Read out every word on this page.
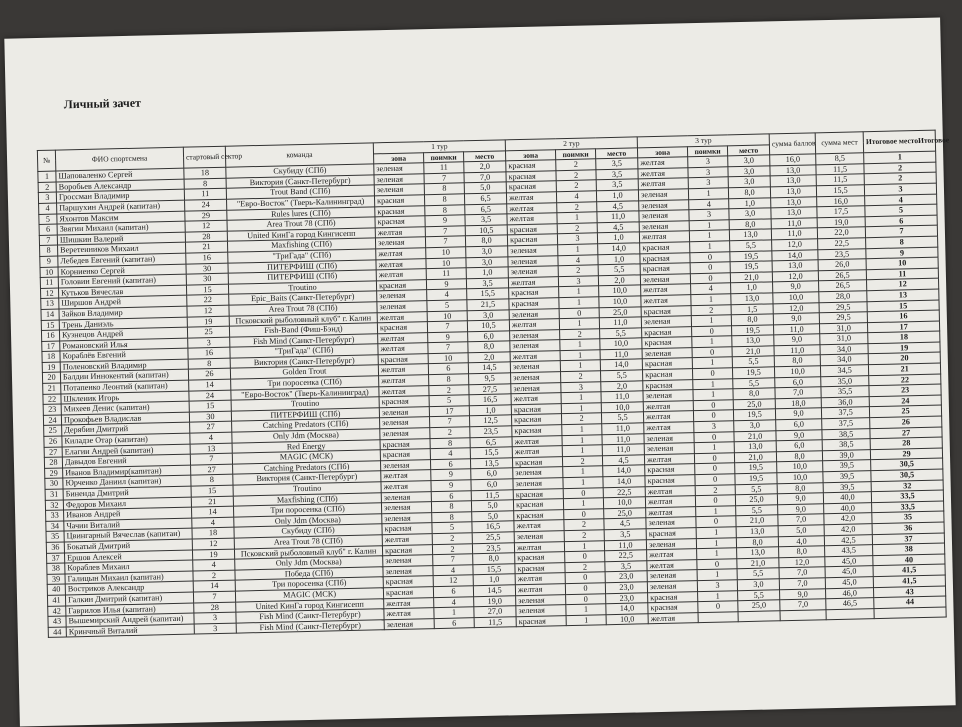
Личный зачет
№	ФИО спортсмена	стартовый сектор	команда	1 тур			2 тур			3 тур			сумма баллов	сумма мест	Итоговое местоИтоговое
				зона	поимки	место	зона	поимки	место	зона	поимки	место			
1	Шаповаленко Сергей	18	Скубиду (СПб)	зеленая	11	2,0	красная	2	3,5	желтая	3	3,0	16,0	8,5	1
2	Воробьев Александр	8	Виктория (Санкт-Петербург)	зеленая	7	7,0	красная	2	3,5	желтая	3	3,0	13,0	11,5	2
3	Гроссман Владимир	11	Trout Band (СПб)	зеленая	8	5,0	красная	2	3,5	желтая	3	3,0	13,0	11,5	2
4	Паршухин Андрей (капитан)	24	"Евро-Восток" (Тверь-Калининград)	красная	8	6,5	желтая	4	1,0	зеленая	1	8,0	13,0	15,5	3
5	Яхонтов Максим	29	Rules lures (СПб)	красная	8	6,5	желтая	2	4,5	зеленая	4	1,0	13,0	16,0	4
6	Звягин Михаил (капитан)	12	Area Trout 78 (СПб)	красная	9	3,5	желтая	1	11,0	зеленая	3	3,0	13,0	17,5	5
7	Шишкин Валерий	28	United КинГа город Кингисепп	желтая	7	10,5	красная	2	4,5	зеленая	1	8,0	11,0	19,0	6
8	Веретенников Михаил	21	Maxfishing (СПб)	зеленая	7	8,0	красная	3	1,0	желтая	1	13,0	11,0	22,0	7
9	Лебедев Евгений (капитан)	16	"ТриГада" (СПб)	желтая	10	3,0	зеленая	1	14,0	красная	1	5,5	12,0	22,5	8
10	Корниенко Сергей	30	ПИТЕРФИШ (СПб)	желтая	10	3,0	зеленая	4	1,0	красная	0	19,5	14,0	23,5	9
11	Головин Евгений (капитан)	30	ПИТЕРФИШ (СПб)	желтая	11	1,0	зеленая	2	5,5	красная	0	19,5	13,0	26,0	10
12	Кутьков Вячеслав	15	Troutino	красная	9	3,5	желтая	3	2,0	зеленая	0	21,0	12,0	26,5	11
13	Ширшов Андрей	22	Epic_Baits (Санкт-Петербург)	зеленая	4	15,5	красная	1	10,0	желтая	4	1,0	9,0	26,5	12
14	Зайков Владимир	12	Area Trout 78 (СПб)	зеленая	5	21,5	красная	1	10,0	желтая	1	13,0	10,0	28,0	13
15	Трень Даниэль	19	Псковский рыболовный клуб" г. Калин	желтая	10	3,0	зеленая	0	25,0	красная	2	1,5	12,0	29,5	15
16	Кузнецов Андрей	25	Fish-Band (Фиш-Бэнд)	красная	7	10,5	желтая	1	11,0	зеленая	1	8,0	9,0	29,5	16
17	Романовский Илья	3	Fish Mind (Санкт-Петербург)	желтая	9	6,0	зеленая	2	5,5	красная	0	19,5	11,0	31,0	17
18	Кораблёв Евгений	16	"ТриГада" (СПб)	желтая	7	8,0	зеленая	1	10,0	красная	1	13,0	9,0	31,0	18
19	Поленовский Владимир	8	Виктория (Санкт-Петербург)	красная	10	2,0	желтая	1	11,0	зеленая	0	21,0	11,0	34,0	19
20	Балдин Иннокентий (капитан)	26	Golden Trout	желтая	6	14,5	зеленая	1	14,0	красная	1	5,5	8,0	34,0	20
21	Потапенко Леонтий (капитан)	14	Три поросенка (СПб)	желтая	8	9,5	зеленая	2	5,5	красная	0	19,5	10,0	34,5	21
22	Шкленик Игорь	24	"Евро-Восток" (Тверь-Калининград)	желтая	2	27,5	зеленая	3	2,0	красная	1	5,5	6,0	35,0	22
23	Михеев Денис (капитан)	15	Troutino	красная	5	16,5	желтая	1	11,0	зеленая	1	8,0	7,0	35,5	23
24	Прокофьев Владислав	30	ПИТЕРФИШ (СПб)	зеленая	17	1,0	красная	1	10,0	желтая	0	25,0	18,0	36,0	24
25	Дерябин Дмитрий	27	Catching Predators (СПб)	зеленая	7	12,5	красная	2	5,5	желтая	0	19,5	9,0	37,5	25
26	Киладзе Отар (капитан)	4	Only Jdm (Москва)	зеленая	2	23,5	красная	1	11,0	желтая	3	3,0	6,0	37,5	26
27	Елагин Андрей (капитан)	13	Red Energy	красная	8	6,5	желтая	1	11,0	зеленая	0	21,0	9,0	38,5	27
28	Давыдов Евгений	7	MAGIC (МСК)	красная	4	15,5	желтая	1	11,0	зеленая	1	13,0	6,0	38,5	28
29	Иванов Владимир(капитан)	27	Catching Predators (СПб)	зеленая	6	13,5	красная	2	4,5	желтая	0	21,0	8,0	39,0	29
30	Юрченко Даниил (капитан)	8	Виктория (Санкт-Петербург)	желтая	9	6,0	зеленая	1	14,0	красная	0	19,5	10,0	39,5	30,5
31	Биненда Дмитрий	15	Troutino	желтая	9	6,0	зеленая	1	14,0	красная	0	19,5	10,0	39,5	30,5
32	Федоров Михаил	21	Maxfishing (СПб)	зеленая	6	11,5	красная	0	22,5	желтая	2	5,5	8,0	39,5	32
33	Иванов Андрей	14	Три поросенка (СПб)	зеленая	8	5,0	красная	1	10,0	желтая	0	25,0	9,0	40,0	33,5
34	Чачин Виталий	4	Only Jdm (Москва)	зеленая	8	5,0	красная	0	25,0	желтая	1	5,5	9,0	40,0	33,5
35	Цвингарный Вячеслав (капитан)	18	Скубиду (СПб)	красная	5	16,5	желтая	2	4,5	зеленая	0	21,0	7,0	42,0	35
36	Бокатый Дмитрий	12	Area Trout 78 (СПб)	желтая	2	25,5	зеленая	2	3,5	красная	1	13,0	5,0	42,0	36
37	Ершов Алексей	19	Псковский рыболовный клуб" г. Калин	красная	2	23,5	желтая	1	11,0	зеленая	1	8,0	4,0	42,5	37
38	Кораблев Михаил	4	Only Jdm (Москва)	зеленая	7	8,0	красная	0	22,5	желтая	1	13,0	8,0	43,5	38
39	Галицын Михаил (капитан)	2	Победа (СПб)	зеленая	4	15,5	красная	2	3,5	желтая	0	21,0	12,0	45,0	40
40	Востриков Александр	14	Три поросенка (СПб)	красная	12	1,0	желтая	0	23,0	зеленая	1	5,5	7,0	45,0	41,5
41	Галкин Дмитрий (капитан)	7	MAGIC (МСК)	красная	6	14,5	желтая	0	23,0	зеленая	3	3,0	7,0	45,0	41,5
42	Гаврилов Илья (капитан)	28	United КинГа город Кингисепп	желтая	4	19,0	зеленая	0	23,0	красная	1	5,5	9,0	46,0	43
43	Вышемирский Андрей (капитан)	3	Fish Mind (Санкт-Петербург)	желтая	1	27,0	зеленая	1	14,0	красная	0	25,0	7,0	46,5	44
44	Кринчный Виталий	3	Fish Mind (Санкт-Петербург)	зеленая	6	11,5	красная	1	10,0	желтая					
